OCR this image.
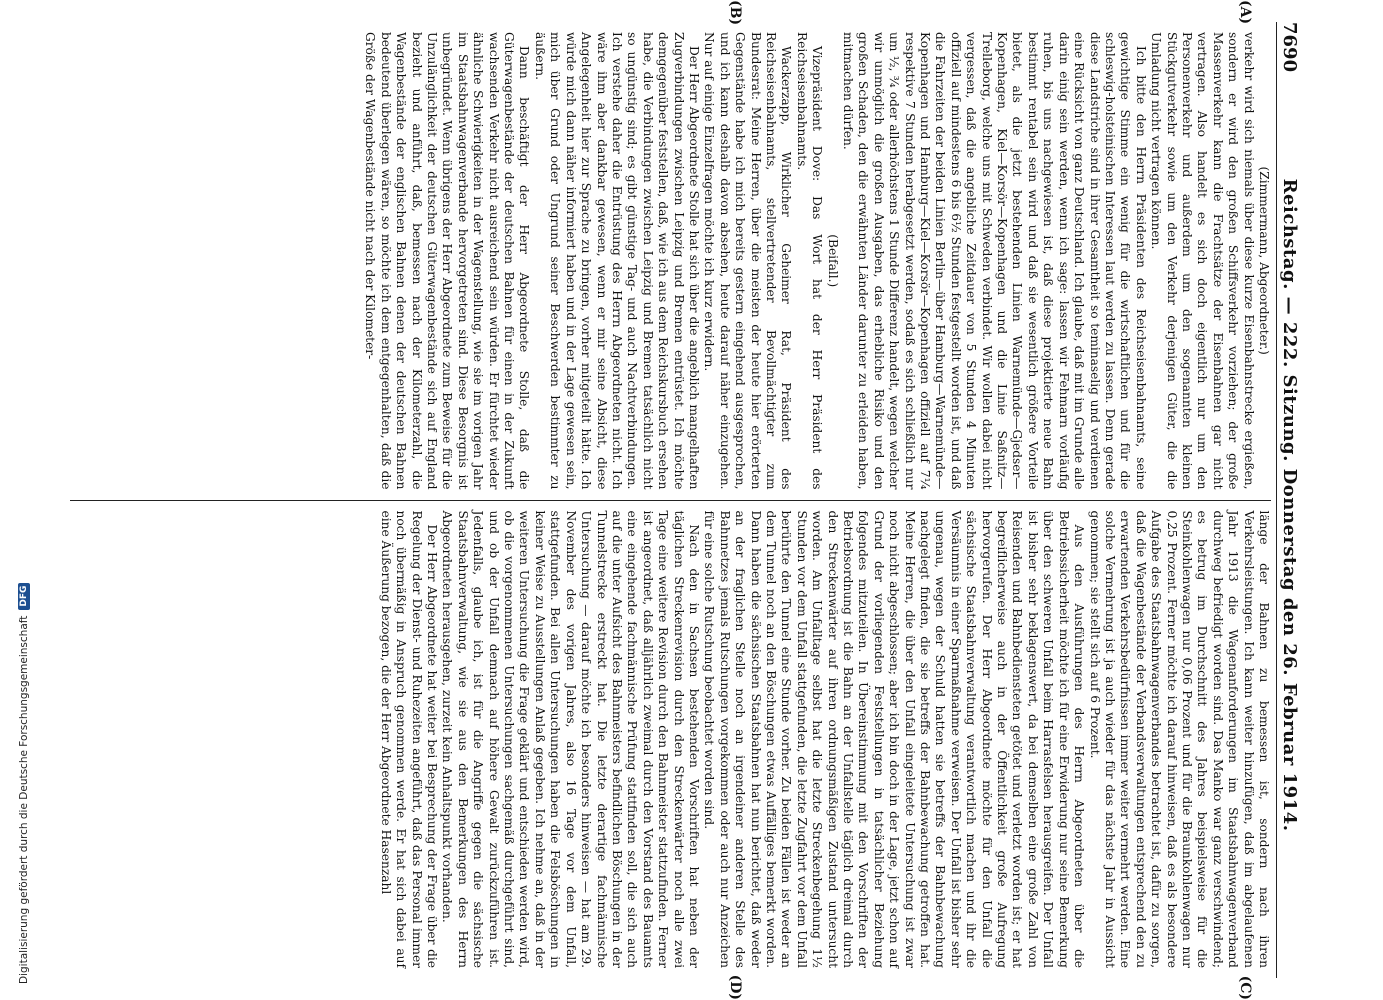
7690
Reichstag. — 222. Sitzung. Donnerstag den 26. Februar 1914.
(A)
(B)
(C)
(D)

(Zimmermann, Abgeordneter.)

verkehr wird sich niemals über diese kurze Eisenbahnstrecke ergießen, sondern er wird den großen Schiffsverkehr vorziehen; der große Massenverkehr kann die Frachtsätze der Eisenbahnen gar nicht vertragen. Also handelt es sich doch eigentlich nur um den Personenverkehr und außerdem um den sogenannten kleinen Stückgutverkehr sowie um den Verkehr derjenigen Güter, die die Umladung nicht vertragen können.

Ich bitte den Herrn Präsidenten des Reichseisenbahnamts, seine gewichtige Stimme ein wenig für die wirtschaftlichen und für die schleswig-holsteinischen Interessen laut werden zu lassen. Denn gerade diese Landstriche sind in ihrer Gesamtheit so teminaselig und verdienen eine Rücksicht von ganz Deutschland. Ich glaube, daß mit im Grunde alle darin einig sein werden, wenn ich sage: lassen wir Fehmarn vorläufig ruhen, bis uns nachgewiesen ist, daß diese projektierte neue Bahn bestimmt rentabel sein wird und daß sie wesentlich größere Vorteile bietet, als die jetzt bestehenden Linien Warnemünde—Gjedser—Kopenhagen, Kiel—Korsör—Kopenhagen und die Linie Saßnitz—Trelleborg, welche uns mit Schweden verbindet. Wir wollen dabei nicht vergessen, daß die angebliche Zeitdauer von 5 Stunden 4 Minuten offiziell auf mindestens 6 bis 6½ Stunden festgestellt worden ist, und daß die Fahrzeiten der beiden Linien Berlin—über Hamburg—Warnemünde—Kopenhagen und Hamburg—Kiel—Korsör—Kopenhagen offiziell auf 7¼ respektive 7 Stunden herabgesetzt werden, sodaß es sich schließlich nur um ½, ¾ oder allerhöchstens 1 Stunde Differenz handelt, wegen welcher wir unmöglich die großen Ausgaben, das erhebliche Risiko und den großen Schaden, den die erwähnten Länder darunter zu erleiden haben, mitmachen dürfen.

(Beifall.)

Vizepräsident Dove: Das Wort hat der Herr Präsident des Reichseisenbahnamts.

Wackerzapp, Wirklicher Geheimer Rat, Präsident des Reichseisenbahnamts, stellvertretender Bevollmächtigter zum Bundesrat: Meine Herren, über die meisten der heute hier erörterten Gegenstände habe ich mich bereits gestern eingehend ausgesprochen, und ich kann deshalb davon absehen, heute darauf näher einzugehen. Nur auf einige Einzelfragen möchte ich kurz erwidern.

Der Herr Abgeordnete Stolle hat sich über die angeblich mangelhaften Zugverbindungen zwischen Leipzig und Bremen entrüstet. Ich möchte demgegenüber feststellen, daß, wie ich aus dem Reichskursbuch ersehen habe, die Verbindungen zwischen Leipzig und Bremen tatsächlich nicht so ungünstig sind; es gibt günstige Tag- und auch Nachtverbindungen. Ich verstehe daher die Entrüstung des Herrn Abgeordneten nicht. Ich wäre ihm aber dankbar gewesen, wenn er mir seine Absicht, diese Angelegenheit hier zur Sprache zu bringen, vorher mitgeteilt hätte. Ich würde mich dann näher informiert haben und in der Lage gewesen sein, mich über Grund oder Ungrund seiner Beschwerden bestimmter zu äußern.

Dann beschäftigt der Herr Abgeordnete Stolle, daß die Güterwagenbestände der deutschen Bahnen für einen in der Zukunft wachsenden Verkehr nicht ausreichend sein würden. Er fürchtet wieder ähnliche Schwierigkeiten in der Wagenstellung, wie sie im vorigen Jahr im Staatsbahnwagenverbande hervorgetreten sind. Diese Besorgnis ist unbegründet. Wenn übrigens der Herr Abgeordnete zum Beweise für die Unzulänglichkeit der deutschen Güterwagenbestände sich auf England bezieht und anführt, daß, bemessen nach der Kilometerzahl, die Wagenbestände der englischen Bahnen denen der deutschen Bahnen bedeutend überlegen wären, so möchte ich dem entgegenhalten, daß die Größe der Wagenbestände nicht nach der Kilometer-

länge der Bahnen zu bemessen ist, sondern nach ihren Verkehrsleistungen. Ich kann weiter hinzufügen, daß im abgelaufenen Jahr 1913 die Wagenanforderungen im Staatsbahnwagenverband durchweg befriedigt worden sind. Das Manko war ganz verschwindend; es betrug im Durchschnitt des Jahres beispielsweise für die Steinkohlenwagen nur 0,06 Prozent und für die Braunkohlenwagen nur 0,25 Prozent. Ferner möchte ich darauf hinweisen, daß es als besondere Aufgabe des Staatsbahnwagenverbandes betrachtet ist, dafür zu sorgen, daß die Wagenbestände der Verbandsverwaltungen entsprechend den zu erwartenden Verkehrsbedürfnissen immer weiter vermehrt werden. Eine solche Vermehrung ist ja auch wieder für das nächste Jahr in Aussicht genommen; sie stellt sich auf 6 Prozent.

Aus den Ausführungen des Herrn Abgeordneten über die Betriebssicherheit möchte ich für eine Erwiderung nur seine Bemerkung über den schweren Unfall beim Harrasfelsen herausgreifen. Der Unfall ist bisher sehr beklagenswert, da bei demselben eine große Zahl von Reisenden und Bahnbediensteten getötet und verletzt worden ist; er hat begreiflicherweise auch in der Öffentlichkeit große Aufregung hervorgerufen. Der Herr Abgeordnete möchte für den Unfall die sächsische Staatsbahnverwaltung verantwortlich machen und ihr die Versäumnis in einer Sparmaßnahme verweisen. Der Unfall ist bisher sehr ungenau, wegen der Schuld hatten sie betreffs der Bahnbewachung nachgelegt finden, die sie betreffs der Bahnbewachung getroffen hat. Meine Herren, die über den Unfall eingeleitete Untersuchung ist zwar noch nicht abgeschlossen; aber ich bin doch in der Lage, jetzt schon auf Grund der vorliegenden Feststellungen in tatsächlicher Beziehung folgendes mitzuteilen. In Übereinstimmung mit den Vorschriften der Betriebsordnung ist die Bahn an der Unfallstelle täglich dreimal durch den Streckenwärter auf ihren ordnungsmäßigen Zustand untersucht worden. Am Unfalltage selbst hat die letzte Streckenbegehung 1½ Stunden vor dem Unfall stattgefunden, die letzte Zugfahrt vor dem Unfall berührte den Tunnel eine Stunde vorher. Zu beiden Fällen ist weder an dem Tunnel noch an den Böschungen etwas Auffälliges bemerkt worden. Dann haben die sächsischen Staatsbahnen hat nun berichtet, daß weder an der fraglichen Stelle noch an irgendeiner anderen Stelle des Bahnnetzes jemals Rutschungen vorgekommen oder auch nur Anzeichen für eine solche Rutschung beobachtet worden sind.

Nach den in Sachsen bestehenden Vorschriften hat neben der täglichen Streckenrevision durch den Streckenwärter noch alle zwei Tage eine weitere Revision durch den Bahnmeister stattzufinden. Ferner ist angeordnet, daß alljährlich zweimal durch den Vorstand des Bauamts eine eingehende fachmännische Prüfung stattfinden soll, die sich auch auf die unter Aufsicht des Bahnmeisters befindlichen Böschungen in der Tunnelstrecke erstreckt hat. Die letzte derartige fachmännische Untersuchung — darauf möchte ich besonders hinweisen — hat am 29. November des vorigen Jahres, also 16 Tage vor dem Unfall, stattgefunden. Bei allen Untersuchungen haben die Felsböschungen in keiner Weise zu Ausstellungen Anlaß gegeben. Ich nehme an, daß in der weiteren Untersuchung die Frage geklärt und entschieden werden wird, ob die vorgenommenen Untersuchungen sachgemäß durchgeführt sind, und ob der Unfall demnach auf höhere Gewalt zurückzuführen ist. Jedenfalls, glaube ich, ist für die Angriffe gegen die sächsische Staatsbahnverwaltung, wie sie aus den Bemerkungen des Herrn Abgeordneten herausgehen, zurzeit kein Anhaltspunkt vorhanden.

Der Herr Abgeordnete hat weiter bei Besprechung der Frage über die Regelung der Dienst- und Ruhezeiten angeführt, daß das Personal immer noch übermäßig in Anspruch genommen werde. Er hat sich dabei auf eine Äußerung bezogen, die der Herr Abgeordnete Hasenzahl

Digitalisierung gefördert durch die Deutsche Forschungsgemeinschaft
DFG
